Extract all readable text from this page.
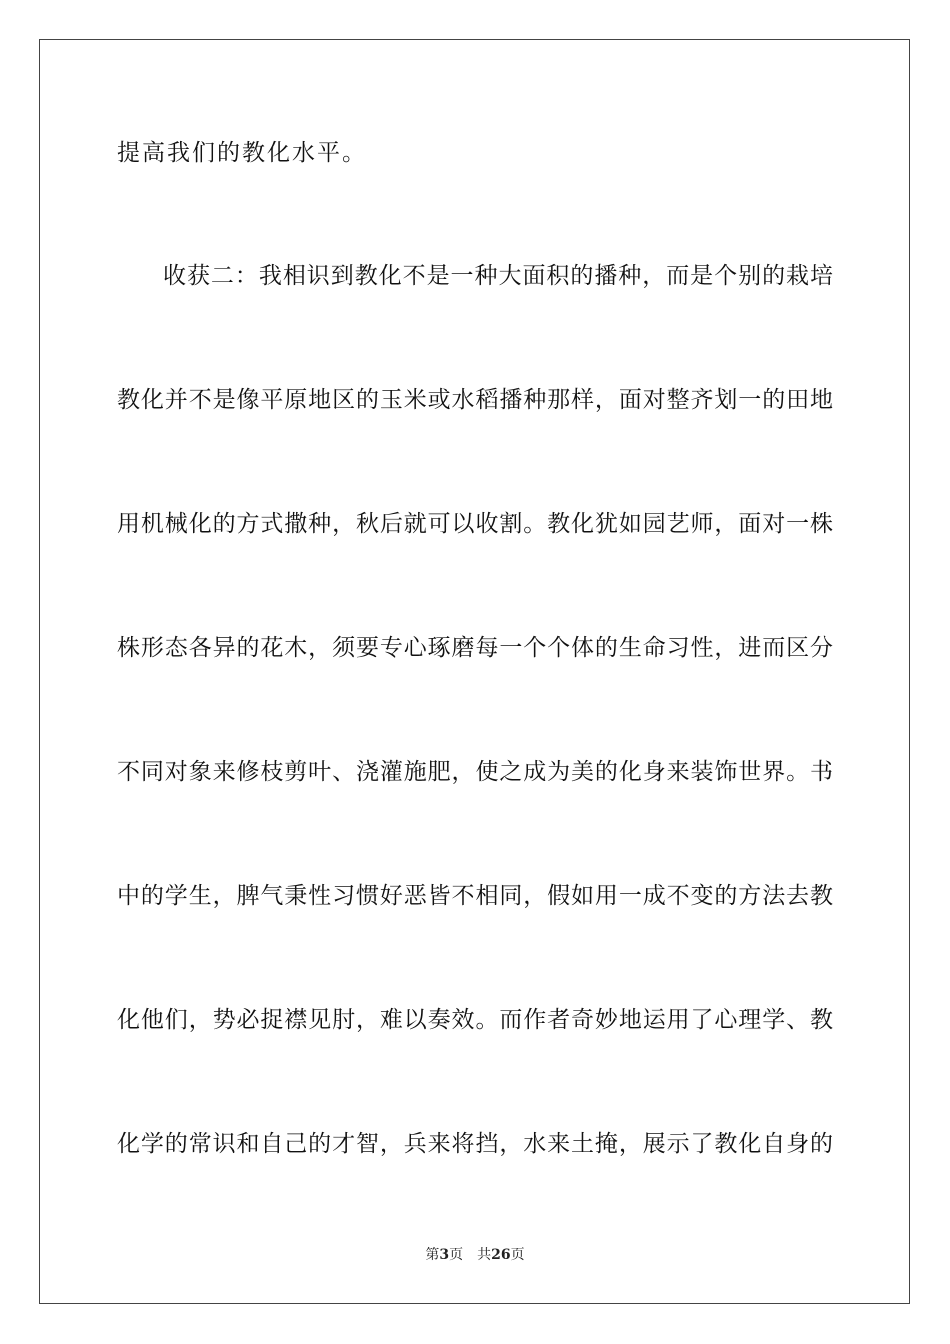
提高我们的教化水平。
收获二：我相识到教化不是一种大面积的播种，而是个别的栽培
教化并不是像平原地区的玉米或水稻播种那样，面对整齐划一的田地
用机械化的方式撒种，秋后就可以收割。教化犹如园艺师，面对一株
株形态各异的花木，须要专心琢磨每一个个体的生命习性，进而区分
不同对象来修枝剪叶、浇灌施肥，使之成为美的化身来装饰世界。书
中的学生，脾气秉性习惯好恶皆不相同，假如用一成不变的方法去教
化他们，势必捉襟见肘，难以奏效。而作者奇妙地运用了心理学、教
化学的常识和自己的才智，兵来将挡，水来土掩，展示了教化自身的
第3页 共26页
